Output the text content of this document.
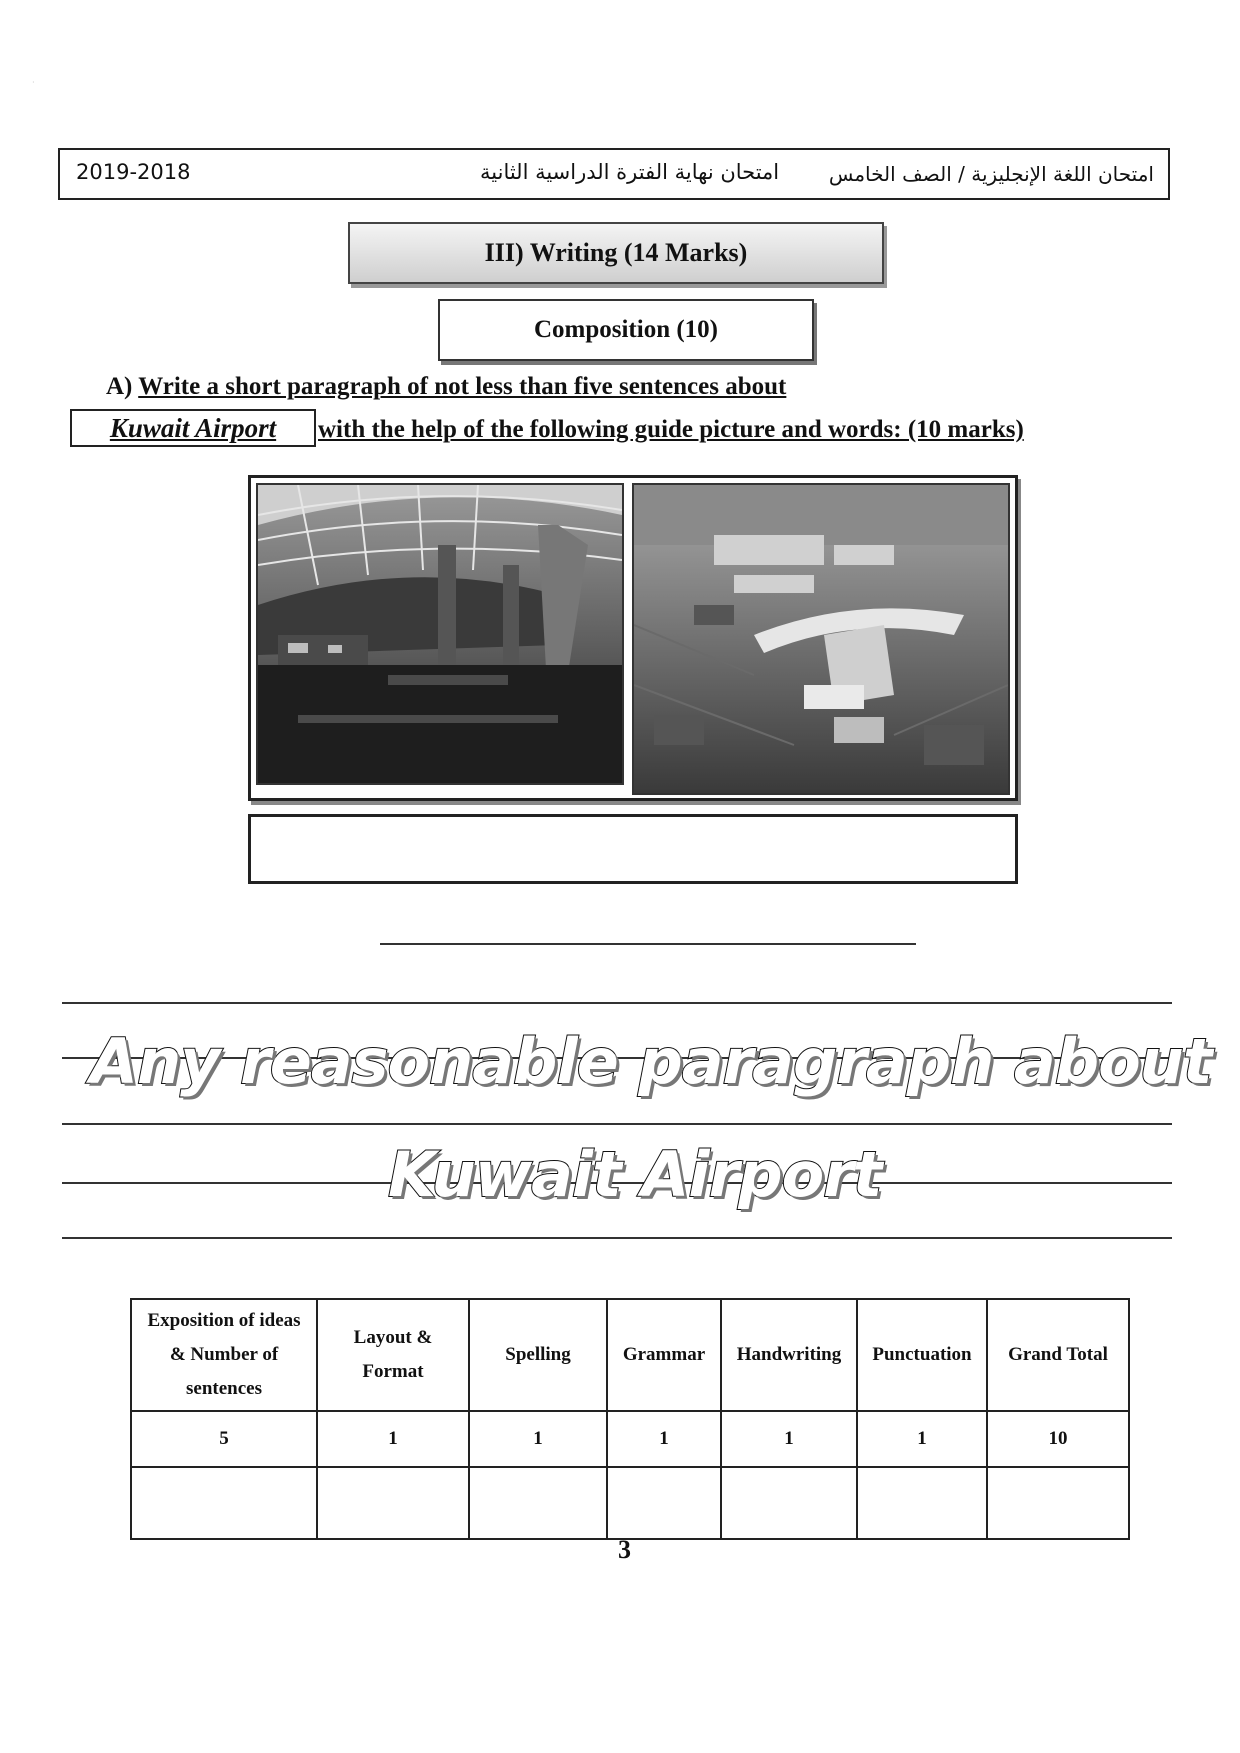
·
2019-2018	امتحان نهاية الفترة الدراسية الثانية امتحان اللغة الإنجليزية / الصف الخامس
III) Writing (14 Marks)
Composition (10)
A) Write a short paragraph of not less than five sentences about
Kuwait Airport	with the help of the following guide picture and words: (10 marks)
Any reasonable paragraph about
Kuwait Airport
Exposition of ideas & Number of sentences	Layout & Format	Spelling	Grammar	Handwriting	Punctuation	Grand Total
5	1	1	1	1	1	10

3
